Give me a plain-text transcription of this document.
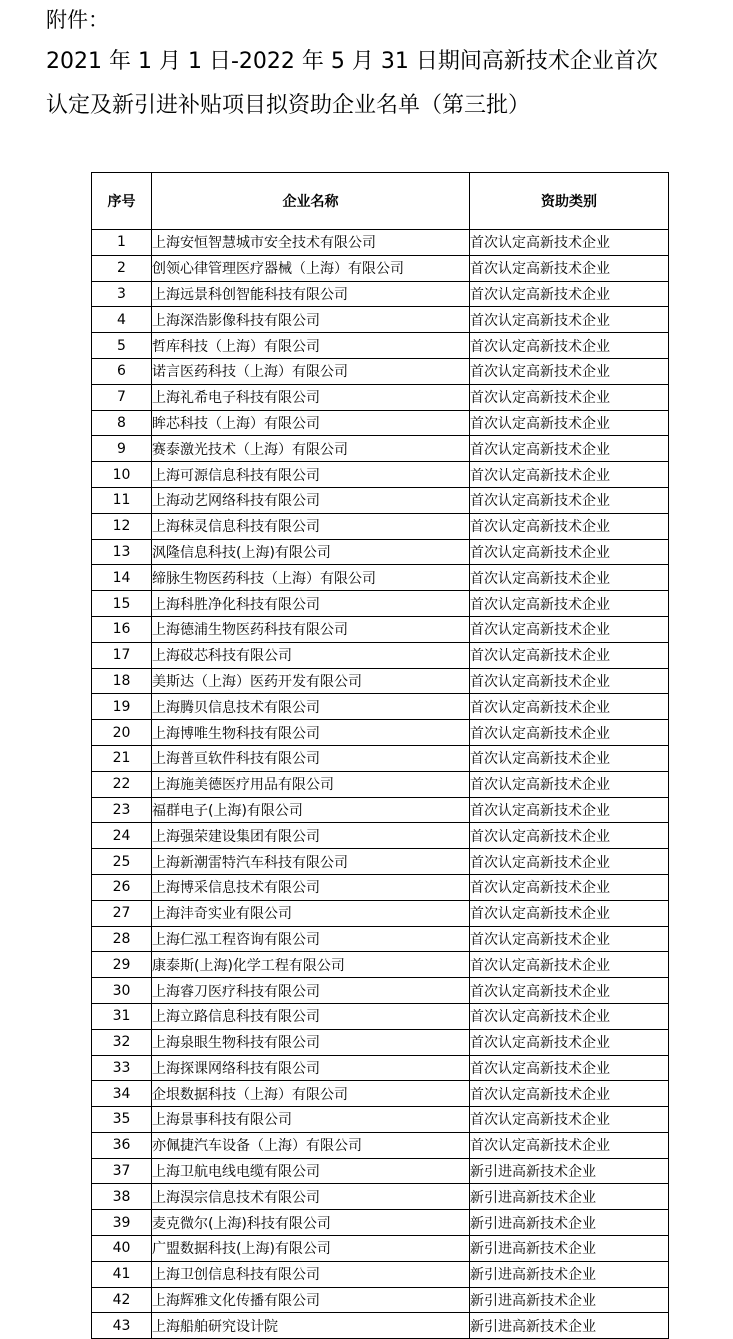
附件：

2021 年 1 月 1 日-2022 年 5 月 31 日期间高新技术企业首次

认定及新引进补贴项目拟资助企业名单（第三批）

序号	企业名称	资助类别
1	上海安恒智慧城市安全技术有限公司	首次认定高新技术企业
2	创领心律管理医疗器械（上海）有限公司	首次认定高新技术企业
3	上海远景科创智能科技有限公司	首次认定高新技术企业
4	上海深浩影像科技有限公司	首次认定高新技术企业
5	哲库科技（上海）有限公司	首次认定高新技术企业
6	诺言医药科技（上海）有限公司	首次认定高新技术企业
7	上海礼希电子科技有限公司	首次认定高新技术企业
8	眸芯科技（上海）有限公司	首次认定高新技术企业
9	赛泰激光技术（上海）有限公司	首次认定高新技术企业
10	上海可源信息科技有限公司	首次认定高新技术企业
11	上海动艺网络科技有限公司	首次认定高新技术企业
12	上海秣灵信息科技有限公司	首次认定高新技术企业
13	沨隆信息科技(上海)有限公司	首次认定高新技术企业
14	缔脉生物医药科技（上海）有限公司	首次认定高新技术企业
15	上海科胜净化科技有限公司	首次认定高新技术企业
16	上海德浦生物医药科技有限公司	首次认定高新技术企业
17	上海砹芯科技有限公司	首次认定高新技术企业
18	美斯达（上海）医药开发有限公司	首次认定高新技术企业
19	上海腾贝信息技术有限公司	首次认定高新技术企业
20	上海博唯生物科技有限公司	首次认定高新技术企业
21	上海普亘软件科技有限公司	首次认定高新技术企业
22	上海施美德医疗用品有限公司	首次认定高新技术企业
23	福群电子(上海)有限公司	首次认定高新技术企业
24	上海强荣建设集团有限公司	首次认定高新技术企业
25	上海新潮雷特汽车科技有限公司	首次认定高新技术企业
26	上海博采信息技术有限公司	首次认定高新技术企业
27	上海沣奇实业有限公司	首次认定高新技术企业
28	上海仁泓工程咨询有限公司	首次认定高新技术企业
29	康泰斯(上海)化学工程有限公司	首次认定高新技术企业
30	上海睿刀医疗科技有限公司	首次认定高新技术企业
31	上海立路信息科技有限公司	首次认定高新技术企业
32	上海泉眼生物科技有限公司	首次认定高新技术企业
33	上海探课网络科技有限公司	首次认定高新技术企业
34	企垠数据科技（上海）有限公司	首次认定高新技术企业
35	上海景事科技有限公司	首次认定高新技术企业
36	亦佩捷汽车设备（上海）有限公司	首次认定高新技术企业
37	上海卫航电线电缆有限公司	新引进高新技术企业
38	上海淏宗信息技术有限公司	新引进高新技术企业
39	麦克微尔(上海)科技有限公司	新引进高新技术企业
40	广盟数据科技(上海)有限公司	新引进高新技术企业
41	上海卫创信息科技有限公司	新引进高新技术企业
42	上海辉雅文化传播有限公司	新引进高新技术企业
43	上海船舶研究设计院	新引进高新技术企业
